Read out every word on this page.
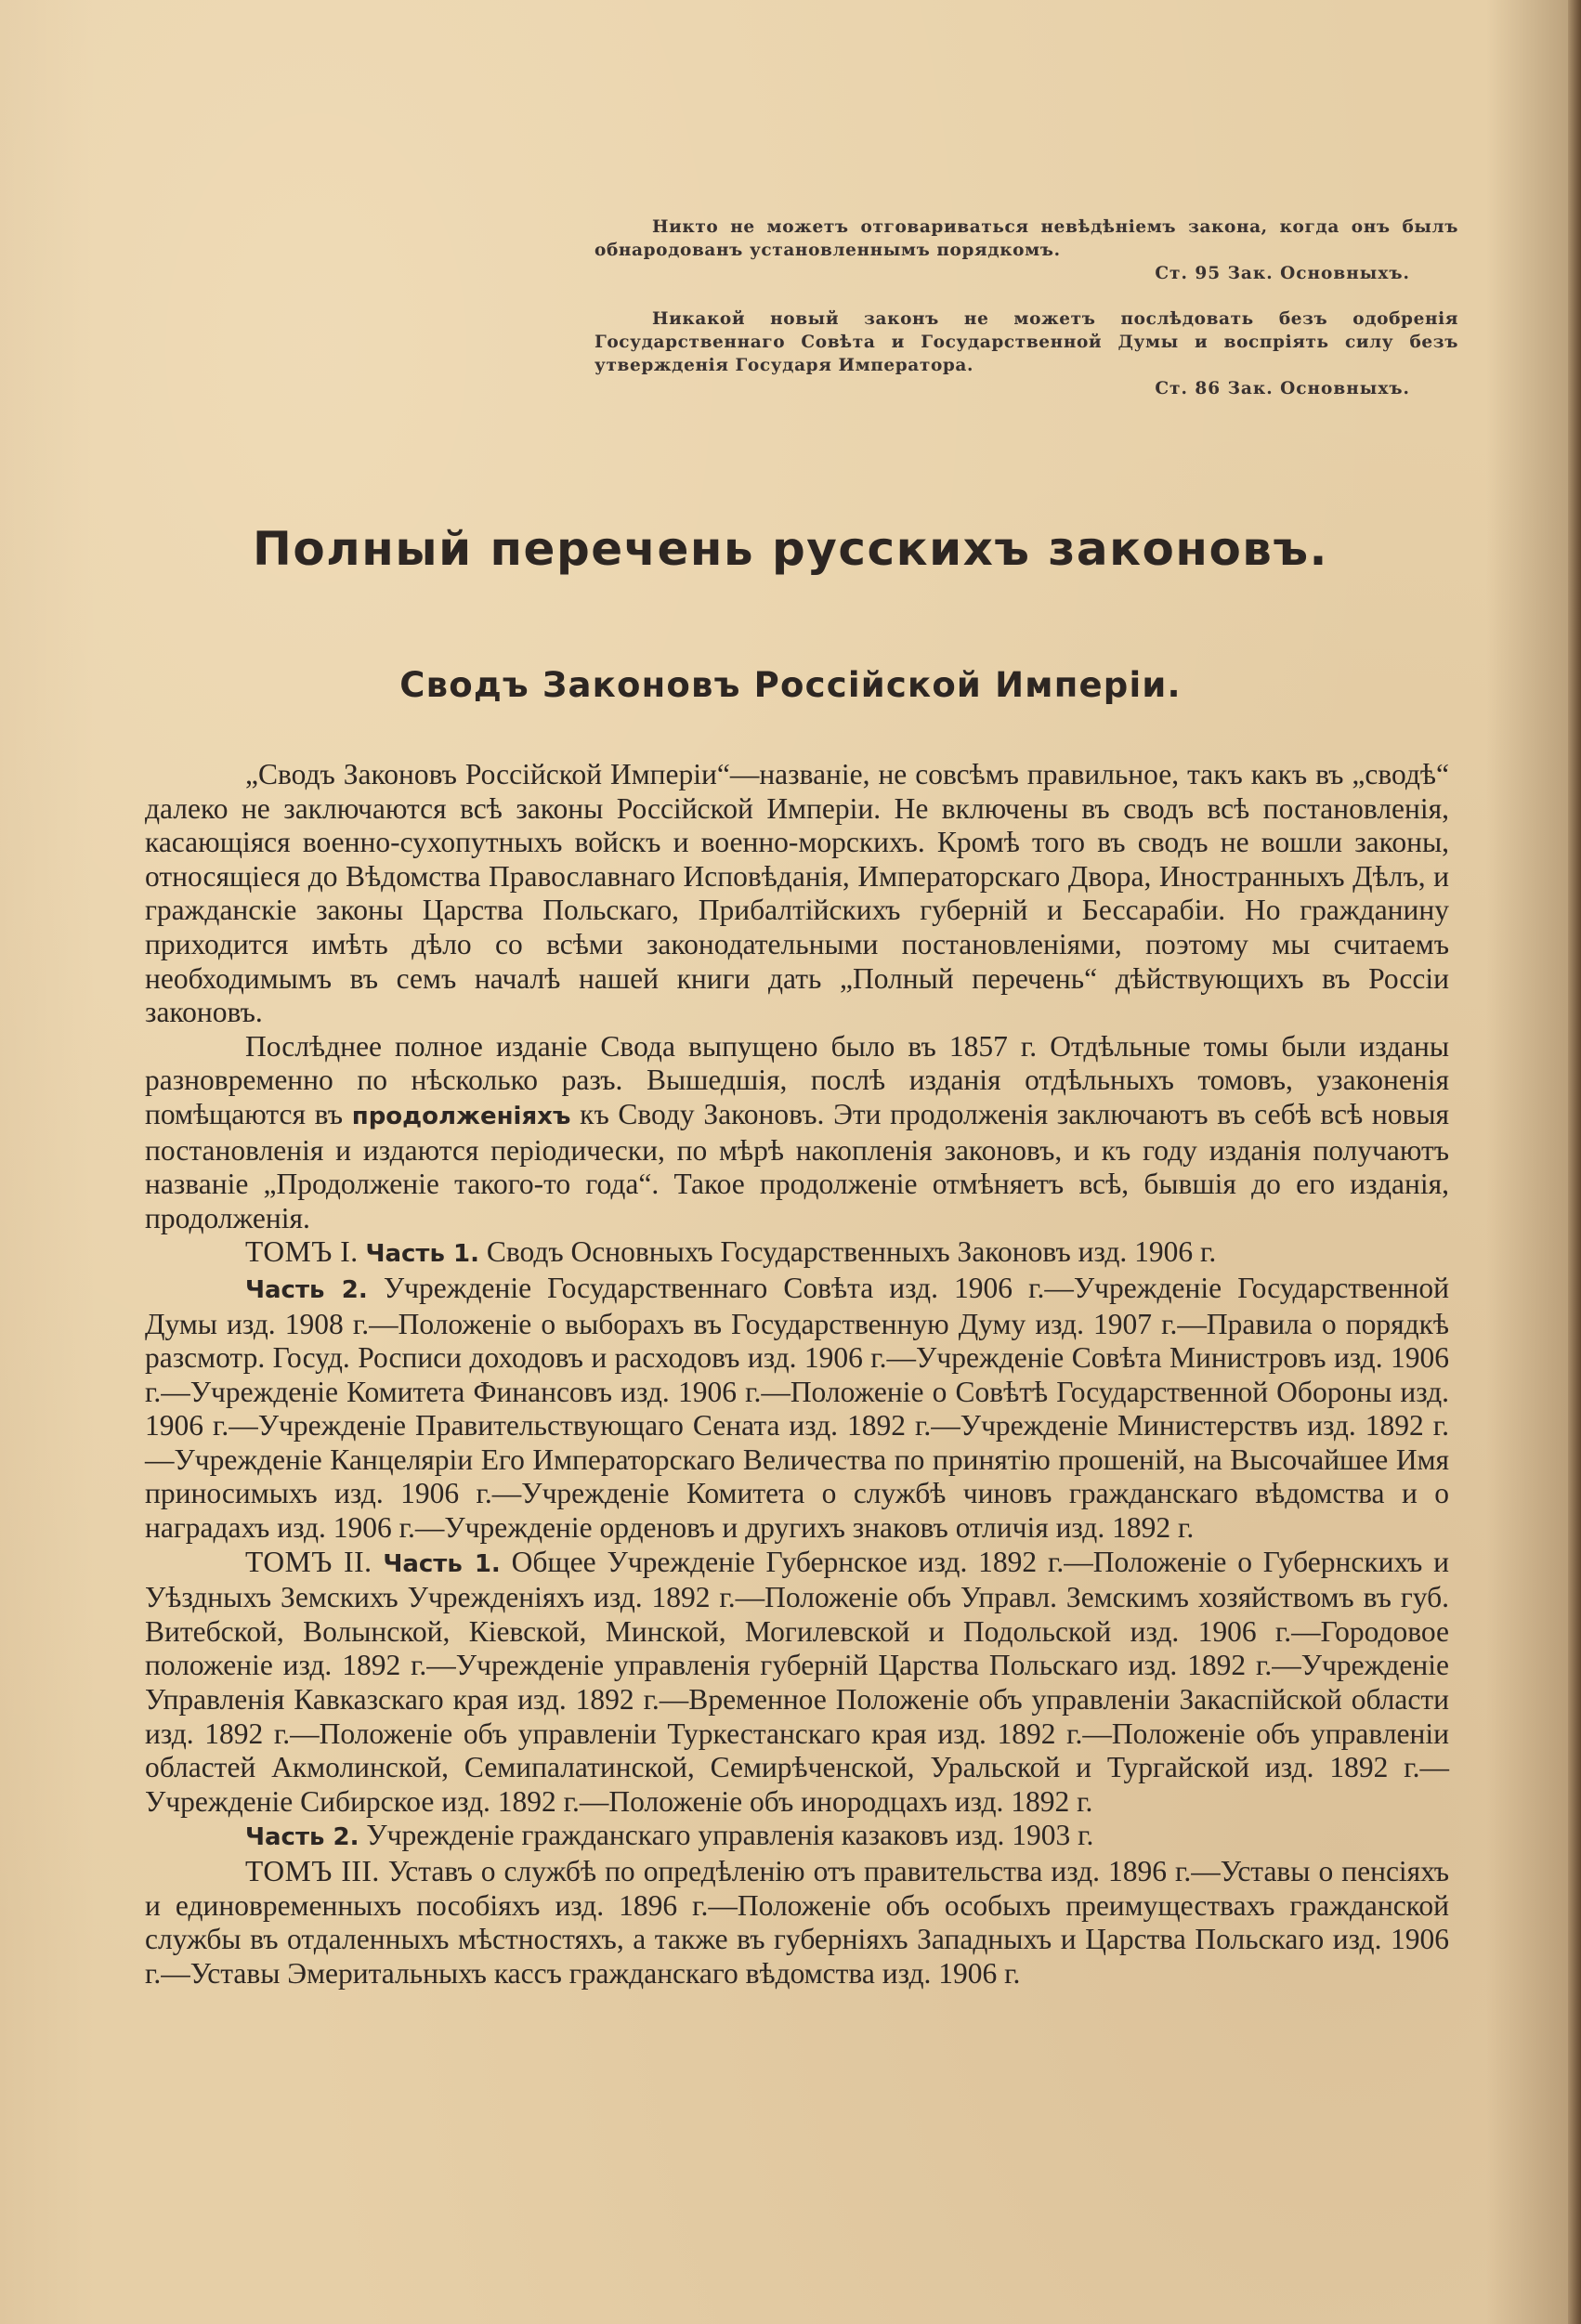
Никто не можетъ отговариваться невѣдѣніемъ закона, когда онъ былъ обнародованъ установленнымъ порядкомъ.

Ст. 95 Зак. Основныхъ.

Никакой новый законъ не можетъ послѣдовать безъ одобренія Государственнаго Совѣта и Государственной Думы и воспріять силу безъ утвержденія Государя Императора.

Ст. 86 Зак. Основныхъ.

Полный перечень русскихъ законовъ.
Сводъ Законовъ Россійской Имперіи.

„Сводъ Законовъ Россійской Имперіи“—названіе, не совсѣмъ правильное, такъ какъ въ „сводѣ“ далеко не заключаются всѣ законы Россійской Имперіи. Не включены въ сводъ всѣ постановленія, касающіяся военно-сухопутныхъ войскъ и военно-морскихъ. Кромѣ того въ сводъ не вошли законы, относящіеся до Вѣдомства Православнаго Исповѣданія, Императорскаго Двора, Иностранныхъ Дѣлъ, и гражданскіе законы Царства Польскаго, Прибалтійскихъ губерній и Бессарабіи. Но гражданину приходится имѣть дѣло со всѣми законодательными постановленіями, поэтому мы считаемъ необходимымъ въ семъ началѣ нашей книги дать „Полный перечень“ дѣйствующихъ въ Россіи законовъ.

Послѣднее полное изданіе Свода выпущено было въ 1857 г. Отдѣльные томы были изданы разновременно по нѣсколько разъ. Вышедшія, послѣ изданія отдѣльныхъ томовъ, узаконенія помѣщаются въ продолженіяхъ къ Своду Законовъ. Эти продолженія заключаютъ въ себѣ всѣ новыя постановленія и издаются періодически, по мѣрѣ накопленія законовъ, и къ году изданія получаютъ названіе „Продолженіе такого-то года“. Такое продолженіе отмѣняетъ всѣ, бывшія до его изданія, продолженія.

ТОМЪ I. Часть 1. Сводъ Основныхъ Государственныхъ Законовъ изд. 1906 г.

Часть 2. Учрежденіе Государственнаго Совѣта изд. 1906 г.—Учрежденіе Государственной Думы изд. 1908 г.—Положеніе о выборахъ въ Государственную Думу изд. 1907 г.—Правила о порядкѣ разсмотр. Госуд. Росписи доходовъ и расходовъ изд. 1906 г.—Учрежденіе Совѣта Министровъ изд. 1906 г.—Учрежденіе Комитета Финансовъ изд. 1906 г.—Положеніе о Совѣтѣ Государственной Обороны изд. 1906 г.—Учрежденіе Правительствующаго Сената изд. 1892 г.—Учрежденіе Министерствъ изд. 1892 г.—Учрежденіе Канцеляріи Его Императорскаго Величества по принятію прошеній, на Высочайшее Имя приносимыхъ изд. 1906 г.—Учрежденіе Комитета о службѣ чиновъ гражданскаго вѣдомства и о наградахъ изд. 1906 г.—Учрежденіе орденовъ и другихъ знаковъ отличія изд. 1892 г.

ТОМЪ II. Часть 1. Общее Учрежденіе Губернское изд. 1892 г.—Положеніе о Губернскихъ и Уѣздныхъ Земскихъ Учрежденіяхъ изд. 1892 г.—Положеніе объ Управл. Земскимъ хозяйствомъ въ губ. Витебской, Волынской, Кіевской, Минской, Могилевской и Подольской изд. 1906 г.—Городовое положеніе изд. 1892 г.—Учрежденіе управленія губерній Царства Польскаго изд. 1892 г.—Учрежденіе Управленія Кавказскаго края изд. 1892 г.—Временное Положеніе объ управленіи Закаспійской области изд. 1892 г.—Положеніе объ управленіи Туркестанскаго края изд. 1892 г.—Положеніе объ управленіи областей Акмолинской, Семипалатинской, Семирѣченской, Уральской и Тургайской изд. 1892 г.—Учрежденіе Сибирское изд. 1892 г.—Положеніе объ инородцахъ изд. 1892 г.

Часть 2. Учрежденіе гражданскаго управленія казаковъ изд. 1903 г.

ТОМЪ III. Уставъ о службѣ по опредѣленію отъ правительства изд. 1896 г.—Уставы о пенсіяхъ и единовременныхъ пособіяхъ изд. 1896 г.—Положеніе объ особыхъ преимуществахъ гражданской службы въ отдаленныхъ мѣстностяхъ, а также въ губерніяхъ Западныхъ и Царства Польскаго изд. 1906 г.—Уставы Эмеритальныхъ кассъ гражданскаго вѣдомства изд. 1906 г.
